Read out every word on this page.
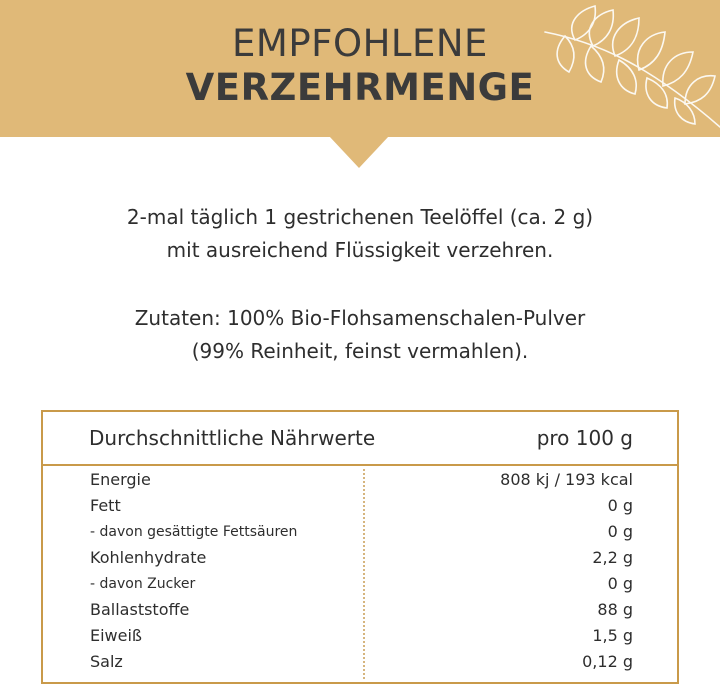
EMPFOHLENE
VERZEHRMENGE
2-mal täglich 1 gestrichenen Teelöffel (ca. 2 g)
mit ausreichend Flüssigkeit verzehren.
Zutaten: 100% Bio-Flohsamenschalen-Pulver
(99% Reinheit, feinst vermahlen).
Durchschnittliche Nährwerte	pro 100 g
Energie	808 kj / 193 kcal
Fett	0 g
- davon gesättigte Fettsäuren	0 g
Kohlenhydrate	2,2 g
- davon Zucker	0 g
Ballaststoffe	88 g
Eiweiß	1,5 g
Salz	0,12 g
